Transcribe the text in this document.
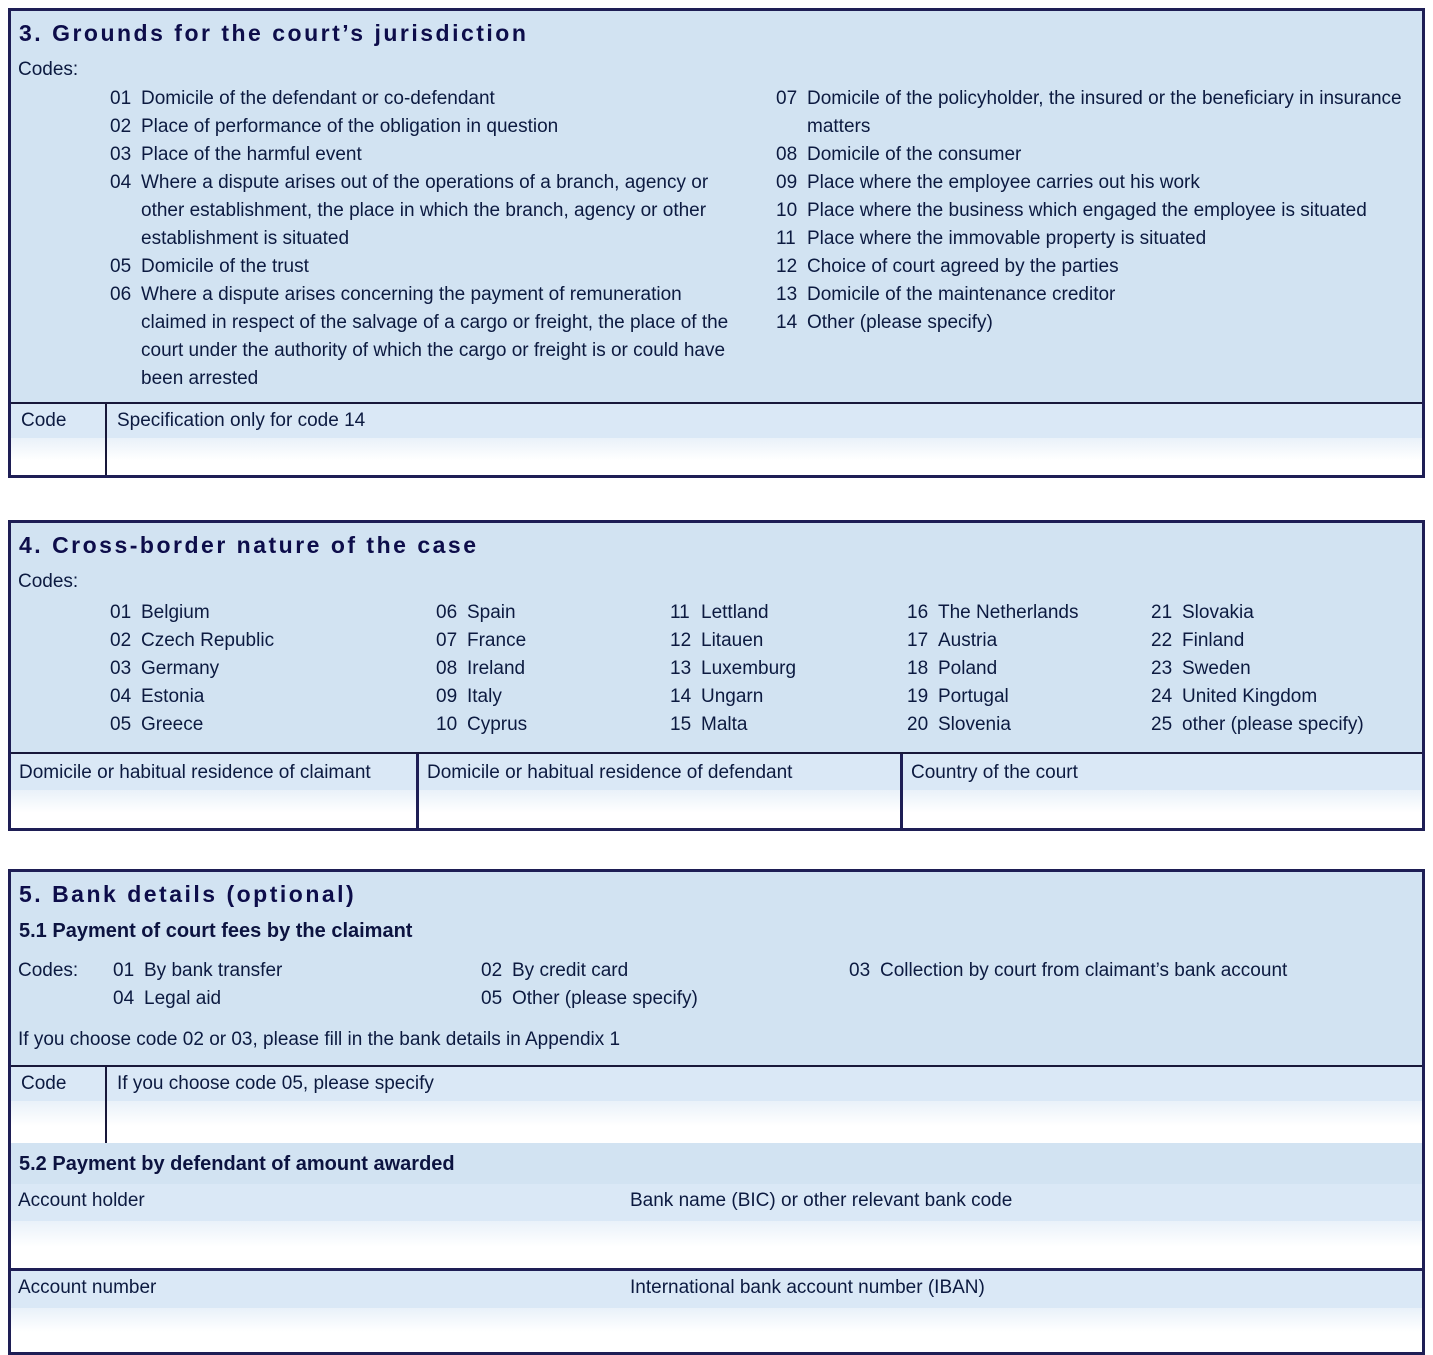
3. Grounds for the court’s jurisdiction
Codes:
01 Domicile of the defendant or co-defendant
02 Place of performance of the obligation in question
03 Place of the harmful event
04 Where a dispute arises out of the operations of a branch, agency or other establishment, the place in which the branch, agency or other establishment is situated
05 Domicile of the trust
06 Where a dispute arises concerning the payment of remuneration claimed in respect of the salvage of a cargo or freight, the place of the court under the authority of which the cargo or freight is or could have been arrested
07 Domicile of the policyholder, the insured or the beneficiary in insurance matters
08 Domicile of the consumer
09 Place where the employee carries out his work
10 Place where the business which engaged the employee is situated
11 Place where the immovable property is situated
12 Choice of court agreed by the parties
13 Domicile of the maintenance creditor
14 Other (please specify)
Code	Specification only for code 14
4. Cross-border nature of the case
Codes:
01 Belgium
02 Czech Republic
03 Germany
04 Estonia
05 Greece
06 Spain
07 France
08 Ireland
09 Italy
10 Cyprus
11 Lettland
12 Litauen
13 Luxemburg
14 Ungarn
15 Malta
16 The Netherlands
17 Austria
18 Poland
19 Portugal
20 Slovenia
21 Slovakia
22 Finland
23 Sweden
24 United Kingdom
25 other (please specify)
Domicile or habitual residence of claimant	Domicile or habitual residence of defendant	Country of the court
5. Bank details (optional)
5.1 Payment of court fees by the claimant
Codes:	01 By bank transfer	02 By credit card	03 Collection by court from claimant’s bank account
04 Legal aid	05 Other (please specify)
If you choose code 02 or 03, please fill in the bank details in Appendix 1
Code	If you choose code 05, please specify
5.2 Payment by defendant of amount awarded
Account holder	Bank name (BIC) or other relevant bank code
Account number	International bank account number (IBAN)
